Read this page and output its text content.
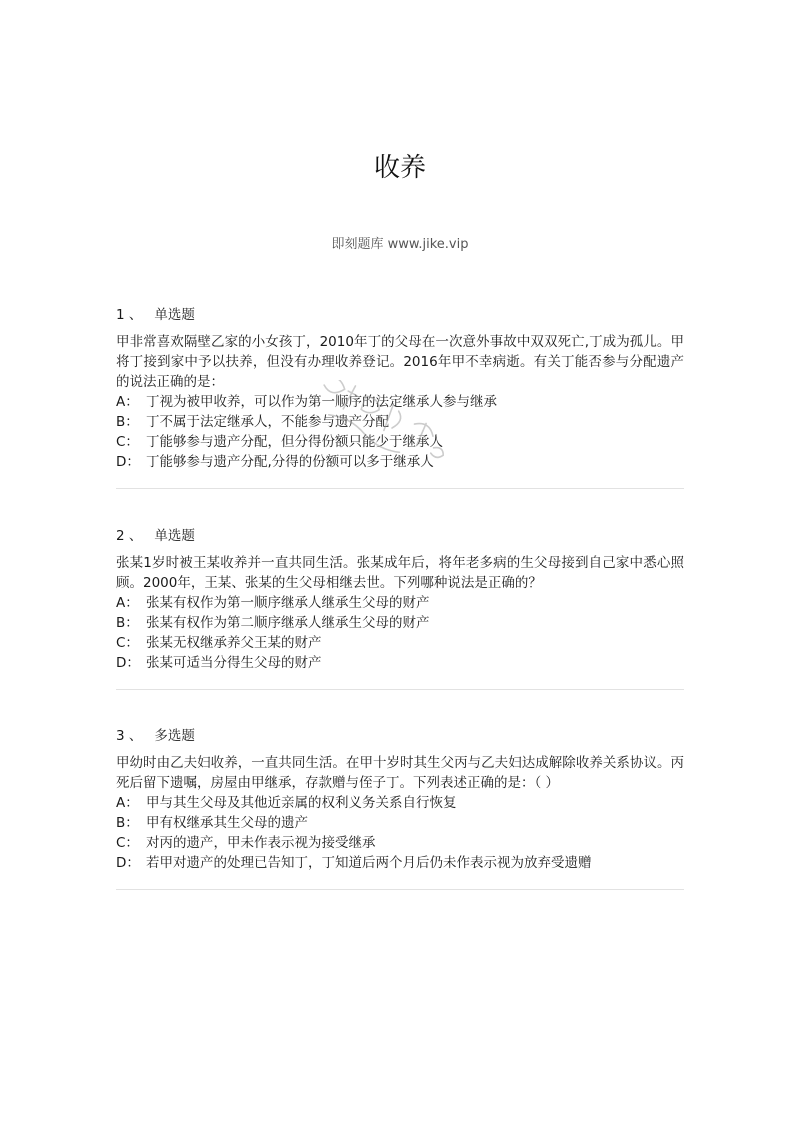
收养
即刻题库 www.jike.vip
1 、 单选题
甲非常喜欢隔壁乙家的小女孩丁，2010年丁的父母在一次意外事故中双双死亡,丁成为孤儿。甲将丁接到家中予以扶养，但没有办理收养登记。2016年甲不幸病逝。有关丁能否参与分配遗产的说法正确的是：
A： 丁视为被甲收养，可以作为第一顺序的法定继承人参与继承
B： 丁不属于法定继承人，不能参与遗产分配
C： 丁能够参与遗产分配，但分得份额只能少于继承人
D： 丁能够参与遗产分配,分得的份额可以多于继承人
2 、 单选题
张某1岁时被王某收养并一直共同生活。张某成年后，将年老多病的生父母接到自己家中悉心照顾。2000年，王某、张某的生父母相继去世。下列哪种说法是正确的？
A： 张某有权作为第一顺序继承人继承生父母的财产
B： 张某有权作为第二顺序继承人继承生父母的财产
C： 张某无权继承养父王某的财产
D： 张某可适当分得生父母的财产
3 、 多选题
甲幼时由乙夫妇收养，一直共同生活。在甲十岁时其生父丙与乙夫妇达成解除收养关系协议。丙死后留下遗嘱，房屋由甲继承，存款赠与侄子丁。下列表述正确的是：（ ）
A： 甲与其生父母及其他近亲属的权利义务关系自行恢复
B： 甲有权继承其生父母的遗产
C： 对丙的遗产，甲未作表示视为接受继承
D： 若甲对遗产的处理已告知丁，丁知道后两个月后仍未作表示视为放弃受遗赠
